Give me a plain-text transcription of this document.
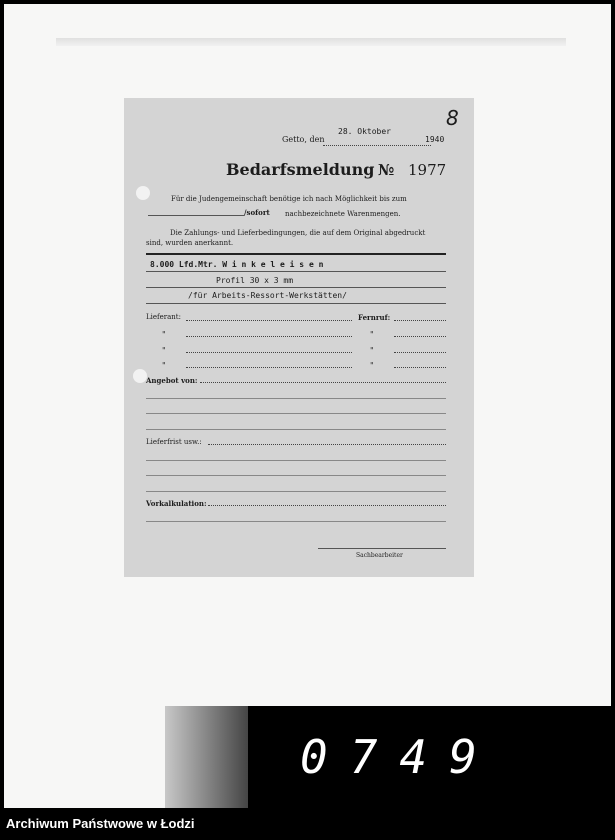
8
Getto, den
28. Oktober
1940
Bedarfsmeldung № 1977
Für die Judengemeinschaft benötige ich nach Möglichkeit bis zum
/sofort nachbezeichnete Warenmengen.
Die Zahlungs- und Lieferbedingungen, die auf dem Original abgedruckt
sind, wurden anerkannt.
8.000 Lfd.Mtr. W i n k e l e i s e n
Profil 30 x 3 mm
/für Arbeits-Ressort-Werkstätten/
Lieferant:	Fernruf:
"	"
"	"
"	"
Angebot von:
Lieferfrist usw.:
Vorkalkulation:
Sachbearbeiter
0749
Archiwum Państwowe w Łodzi
